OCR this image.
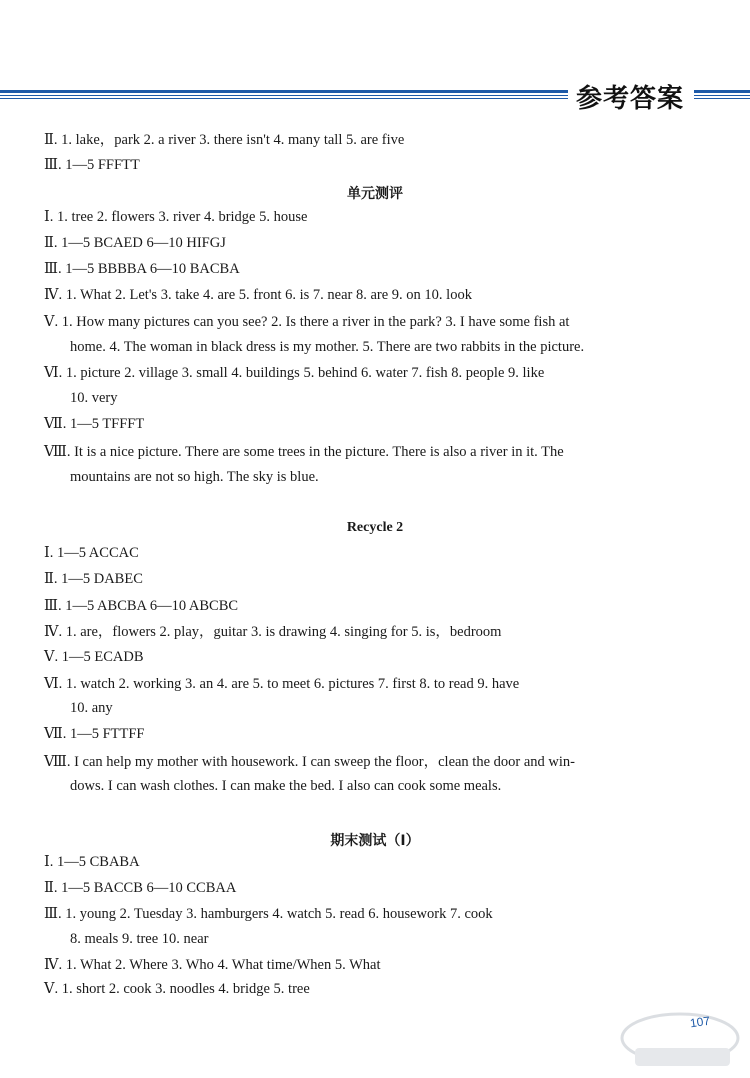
参考答案
Ⅱ. 1. lake，park 2. a river 3. there isn't 4. many tall 5. are five
Ⅲ. 1—5 FFFTT
单元测评
Ⅰ. 1. tree 2. flowers 3. river 4. bridge 5. house
Ⅱ. 1—5 BCAED 6—10 HIFGJ
Ⅲ. 1—5 BBBBA 6—10 BACBA
Ⅳ. 1. What 2. Let's 3. take 4. are 5. front 6. is 7. near 8. are 9. on 10. look
Ⅴ. 1. How many pictures can you see? 2. Is there a river in the park? 3. I have some fish at
home. 4. The woman in black dress is my mother. 5. There are two rabbits in the picture.
Ⅵ. 1. picture 2. village 3. small 4. buildings 5. behind 6. water 7. fish 8. people 9. like
10. very
Ⅶ. 1—5 TFFFT
Ⅷ. It is a nice picture. There are some trees in the picture. There is also a river in it. The
mountains are not so high. The sky is blue.
Recycle 2
Ⅰ. 1—5 ACCAC
Ⅱ. 1—5 DABEC
Ⅲ. 1—5 ABCBA 6—10 ABCBC
Ⅳ. 1. are，flowers 2. play，guitar 3. is drawing 4. singing for 5. is，bedroom
Ⅴ. 1—5 ECADB
Ⅵ. 1. watch 2. working 3. an 4. are 5. to meet 6. pictures 7. first 8. to read 9. have
10. any
Ⅶ. 1—5 FTTFF
Ⅷ. I can help my mother with housework. I can sweep the floor，clean the door and win-
dows. I can wash clothes. I can make the bed. I also can cook some meals.
期末测试（Ⅰ）
Ⅰ. 1—5 CBABA
Ⅱ. 1—5 BACCB 6—10 CCBAA
Ⅲ. 1. young 2. Tuesday 3. hamburgers 4. watch 5. read 6. housework 7. cook
8. meals 9. tree 10. near
Ⅳ. 1. What 2. Where 3. Who 4. What time/When 5. What
Ⅴ. 1. short 2. cook 3. noodles 4. bridge 5. tree
107
